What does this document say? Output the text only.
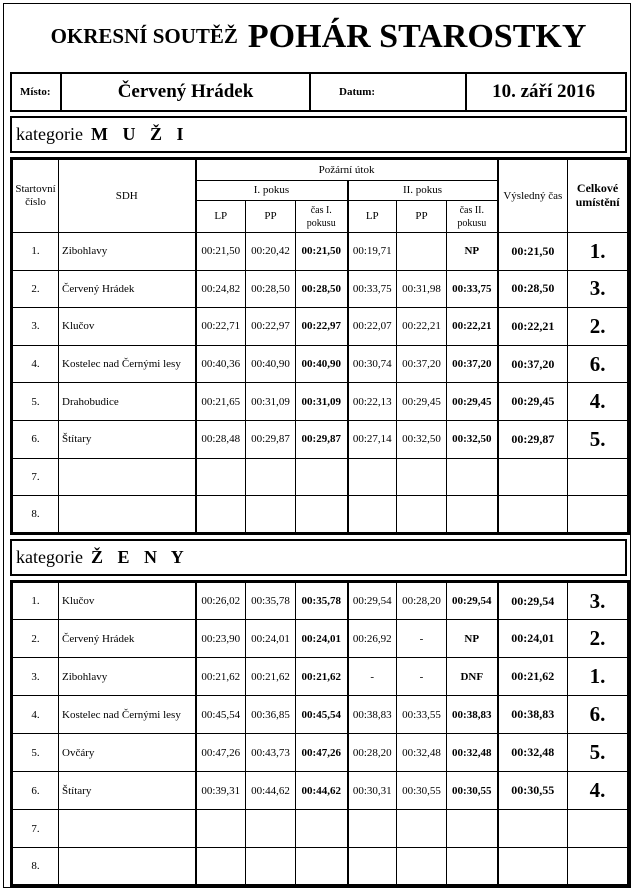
OKRESNÍ SOUTĚŽ POHÁR STAROSTKY
Místo:	Červený Hrádek	Datum:	10. září 2016
kategorie M U Ž I
Startovní číslo	SDH	Požární útok						Výsledný čas	Celkové umístění
		I. pokus			II. pokus				
		LP	PP	čas I. pokusu	LP	PP	čas II. pokusu		
1.	Zibohlavy	00:21,50	00:20,42	00:21,50	00:19,71		NP	00:21,50	1.
2.	Červený Hrádek	00:24,82	00:28,50	00:28,50	00:33,75	00:31,98	00:33,75	00:28,50	3.
3.	Klučov	00:22,71	00:22,97	00:22,97	00:22,07	00:22,21	00:22,21	00:22,21	2.
4.	Kostelec nad Černými lesy	00:40,36	00:40,90	00:40,90	00:30,74	00:37,20	00:37,20	00:37,20	6.
5.	Drahobudice	00:21,65	00:31,09	00:31,09	00:22,13	00:29,45	00:29,45	00:29,45	4.
6.	Štítary	00:28,48	00:29,87	00:29,87	00:27,14	00:32,50	00:32,50	00:29,87	5.
7.									
8.									
kategorie Ž E N Y
1.	Klučov	00:26,02	00:35,78	00:35,78	00:29,54	00:28,20	00:29,54	00:29,54	3.
2.	Červený Hrádek	00:23,90	00:24,01	00:24,01	00:26,92	-	NP	00:24,01	2.
3.	Zibohlavy	00:21,62	00:21,62	00:21,62	-	-	DNF	00:21,62	1.
4.	Kostelec nad Černými lesy	00:45,54	00:36,85	00:45,54	00:38,83	00:33,55	00:38,83	00:38,83	6.
5.	Ovčáry	00:47,26	00:43,73	00:47,26	00:28,20	00:32,48	00:32,48	00:32,48	5.
6.	Štítary	00:39,31	00:44,62	00:44,62	00:30,31	00:30,55	00:30,55	00:30,55	4.
7.									
8.									
